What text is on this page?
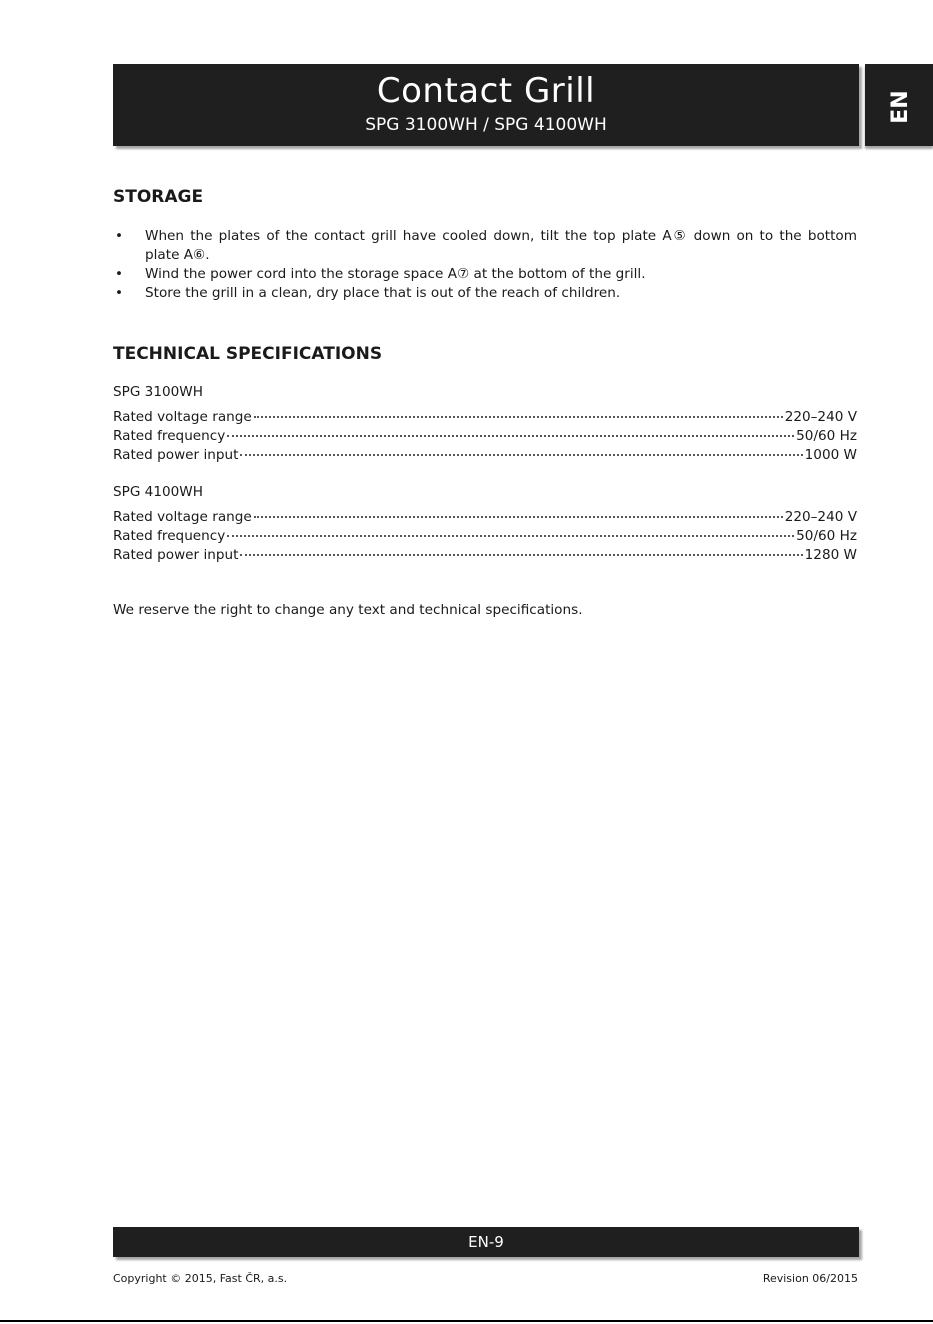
Contact Grill
SPG 3100WH / SPG 4100WH
EN
STORAGE
• When the plates of the contact grill have cooled down, tilt the top plate A⑤ down on to the bottom plate A⑥.
• Wind the power cord into the storage space A⑦ at the bottom of the grill.
• Store the grill in a clean, dry place that is out of the reach of children.
TECHNICAL SPECIFICATIONS
SPG 3100WH
Rated voltage range	220–240 V
Rated frequency	50/60 Hz
Rated power input	1000 W
SPG 4100WH
Rated voltage range	220–240 V
Rated frequency	50/60 Hz
Rated power input	1280 W
We reserve the right to change any text and technical specifications.
EN-9
Copyright © 2015, Fast ČR, a.s.	Revision 06/2015
